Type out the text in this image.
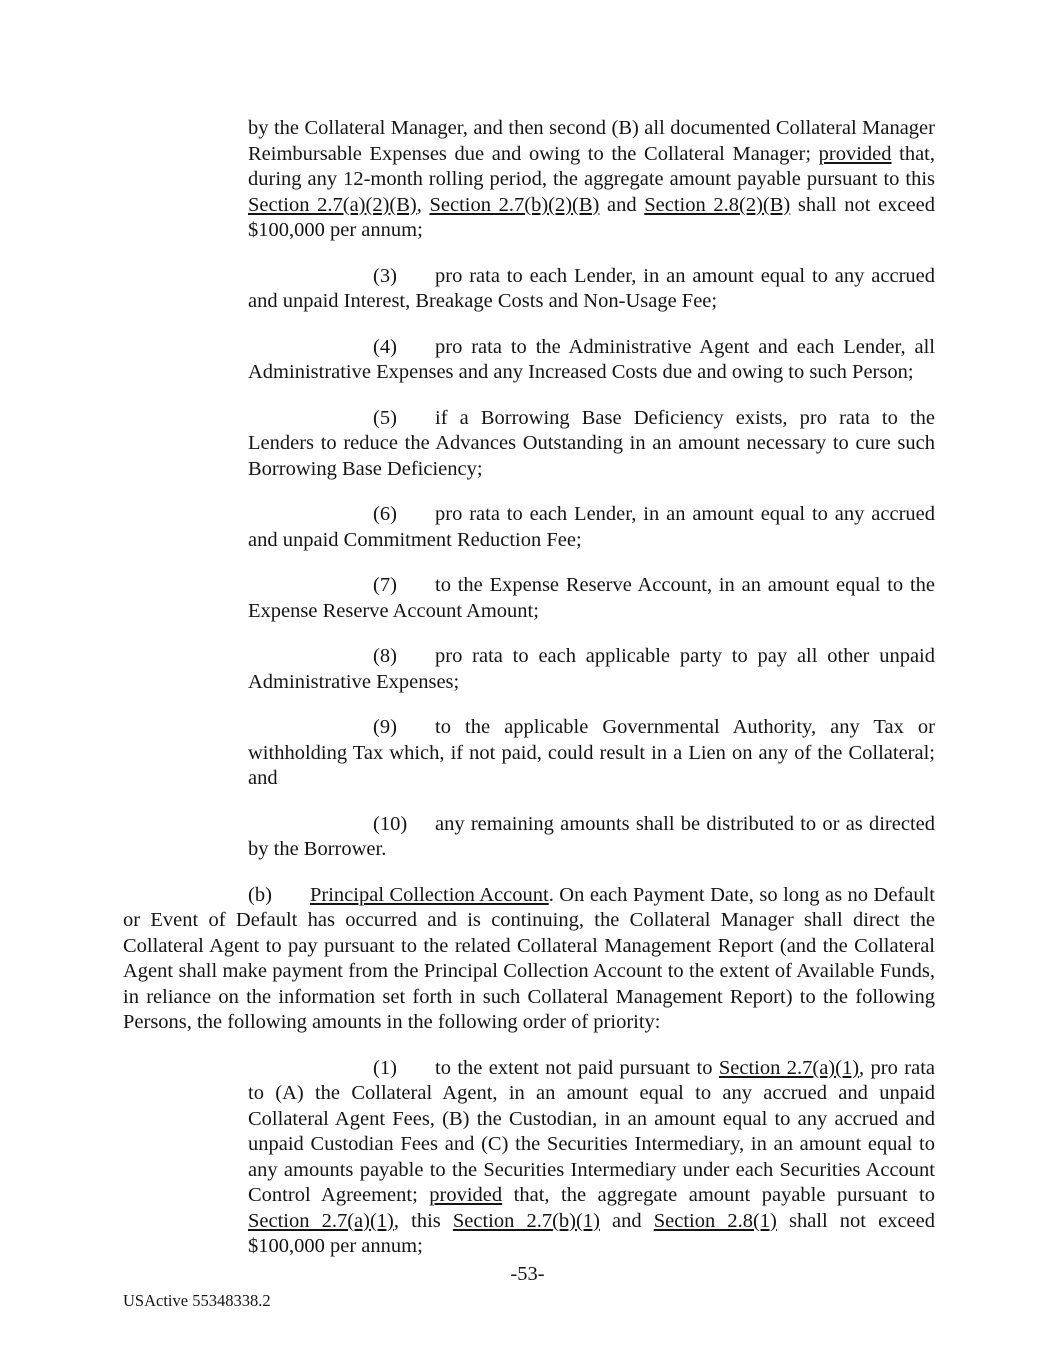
by the Collateral Manager, and then second (B) all documented Collateral Manager Reimbursable Expenses due and owing to the Collateral Manager; provided that, during any 12-month rolling period, the aggregate amount payable pursuant to this Section 2.7(a)(2)(B), Section 2.7(b)(2)(B) and Section 2.8(2)(B) shall not exceed $100,000 per annum;

(3) pro rata to each Lender, in an amount equal to any accrued and unpaid Interest, Breakage Costs and Non-Usage Fee;

(4) pro rata to the Administrative Agent and each Lender, all Administrative Expenses and any Increased Costs due and owing to such Person;

(5) if a Borrowing Base Deficiency exists, pro rata to the Lenders to reduce the Advances Outstanding in an amount necessary to cure such Borrowing Base Deficiency;

(6) pro rata to each Lender, in an amount equal to any accrued and unpaid Commitment Reduction Fee;

(7) to the Expense Reserve Account, in an amount equal to the Expense Reserve Account Amount;

(8) pro rata to each applicable party to pay all other unpaid Administrative Expenses;

(9) to the applicable Governmental Authority, any Tax or withholding Tax which, if not paid, could result in a Lien on any of the Collateral; and

(10) any remaining amounts shall be distributed to or as directed by the Borrower.

(b) Principal Collection Account. On each Payment Date, so long as no Default or Event of Default has occurred and is continuing, the Collateral Manager shall direct the Collateral Agent to pay pursuant to the related Collateral Management Report (and the Collateral Agent shall make payment from the Principal Collection Account to the extent of Available Funds, in reliance on the information set forth in such Collateral Management Report) to the following Persons, the following amounts in the following order of priority:

(1) to the extent not paid pursuant to Section 2.7(a)(1), pro rata to (A) the Collateral Agent, in an amount equal to any accrued and unpaid Collateral Agent Fees, (B) the Custodian, in an amount equal to any accrued and unpaid Custodian Fees and (C) the Securities Intermediary, in an amount equal to any amounts payable to the Securities Intermediary under each Securities Account Control Agreement; provided that, the aggregate amount payable pursuant to Section 2.7(a)(1), this Section 2.7(b)(1) and Section 2.8(1) shall not exceed $100,000 per annum;

-53-
USActive 55348338.2
